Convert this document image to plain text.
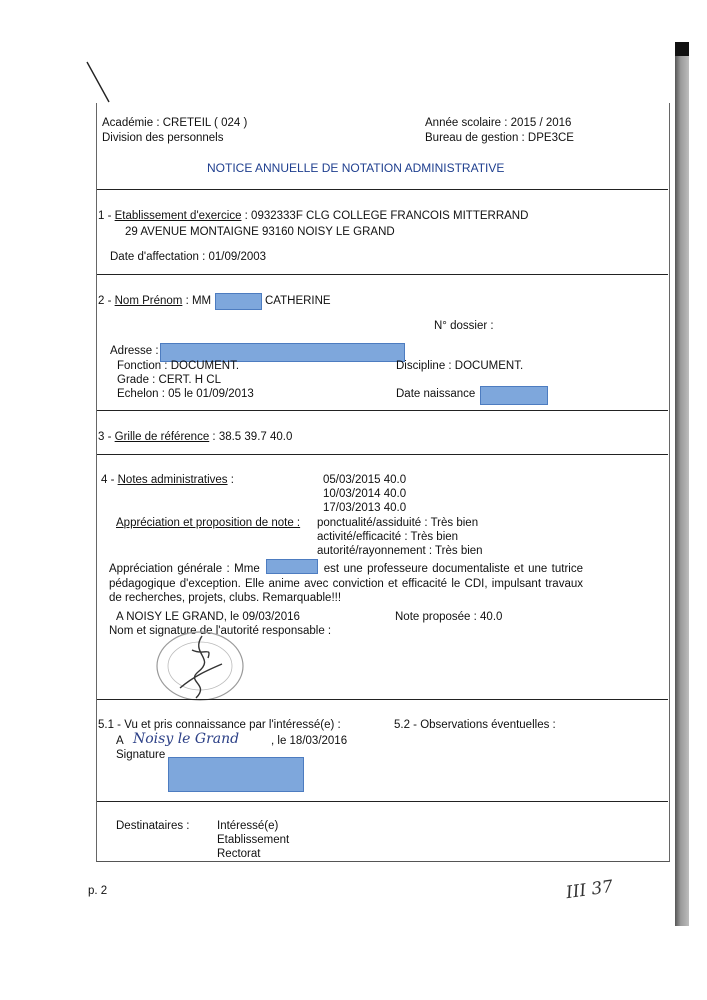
Académie : CRETEIL ( 024 )
Division des personnels
Année scolaire : 2015 / 2016
Bureau de gestion : DPE3CE
NOTICE ANNUELLE DE NOTATION ADMINISTRATIVE
1 - Etablissement d'exercice : 0932333F CLG COLLEGE FRANCOIS MITTERRAND
29 AVENUE MONTAIGNE 93160 NOISY LE GRAND
Date d'affectation : 01/09/2003
2 - Nom Prénom : MM	CATHERINE
N° dossier :
Adresse :
Fonction : DOCUMENT.	Discipline : DOCUMENT.
Grade : CERT. H CL
Echelon : 05 le 01/09/2013	Date naissance
3 - Grille de référence : 38.5 39.7 40.0
4 - Notes administratives :	05/03/2015 40.0
10/03/2014 40.0
17/03/2013 40.0
Appréciation et proposition de note : ponctualité/assiduité : Très bien
activité/efficacité : Très bien
autorité/rayonnement : Très bien
Appréciation générale : Mme	est une professeure documentaliste et une tutrice pédagogique d'exception. Elle anime avec conviction et efficacité le CDI, impulsant travaux de recherches, projets, clubs. Remarquable!!!
A NOISY LE GRAND, le 09/03/2016	Note proposée : 40.0
Nom et signature de l'autorité responsable :
5.1 - Vu et pris connaissance par l'intéressé(e) :	5.2 - Observations éventuelles :
A Noisy le Grand	, le 18/03/2016
Signature
Destinataires : Intéressé(e)
Etablissement
Rectorat
p. 2	III 37
